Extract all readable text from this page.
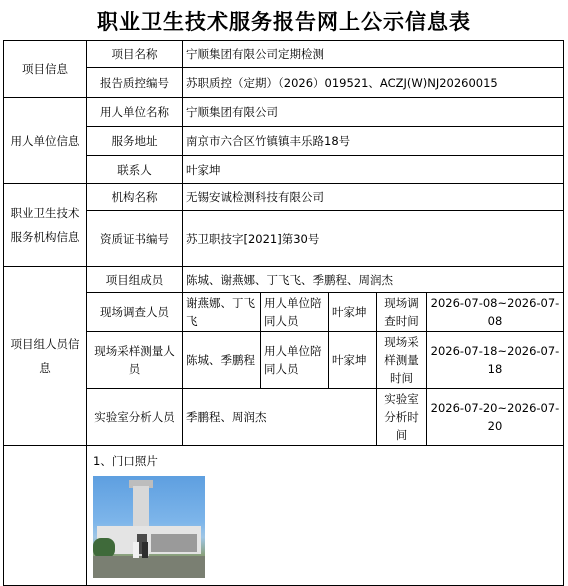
职业卫生技术服务报告网上公示信息表
项目信息	项目名称	宁顺集团有限公司定期检测				
	报告质控编号	苏职质控（定期）（2026）019521、ACZJ(W)NJ20260015				
用人单位信息	用人单位名称	宁顺集团有限公司				
	服务地址	南京市六合区竹镇镇丰乐路18号				
	联系人	叶家坤				
职业卫生技术服务机构信息	机构名称	无锡安诚检测科技有限公司				
	资质证书编号	苏卫职技字[2021]第30号				
项目组人员信息	项目组成员	陈城、谢燕娜、丁飞飞、季鹏程、周润杰				
	现场调查人员	谢燕娜、丁飞飞	用人单位陪同人员	叶家坤	现场调查时间	2026-07-08~2026-07-08
	现场采样测量人员	陈城、季鹏程	用人单位陪同人员	叶家坤	现场采样测量时间	2026-07-18~2026-07-18
	实验室分析人员	季鹏程、周润杰			实验室分析时间	2026-07-20~2026-07-20

	1、门口照片					
